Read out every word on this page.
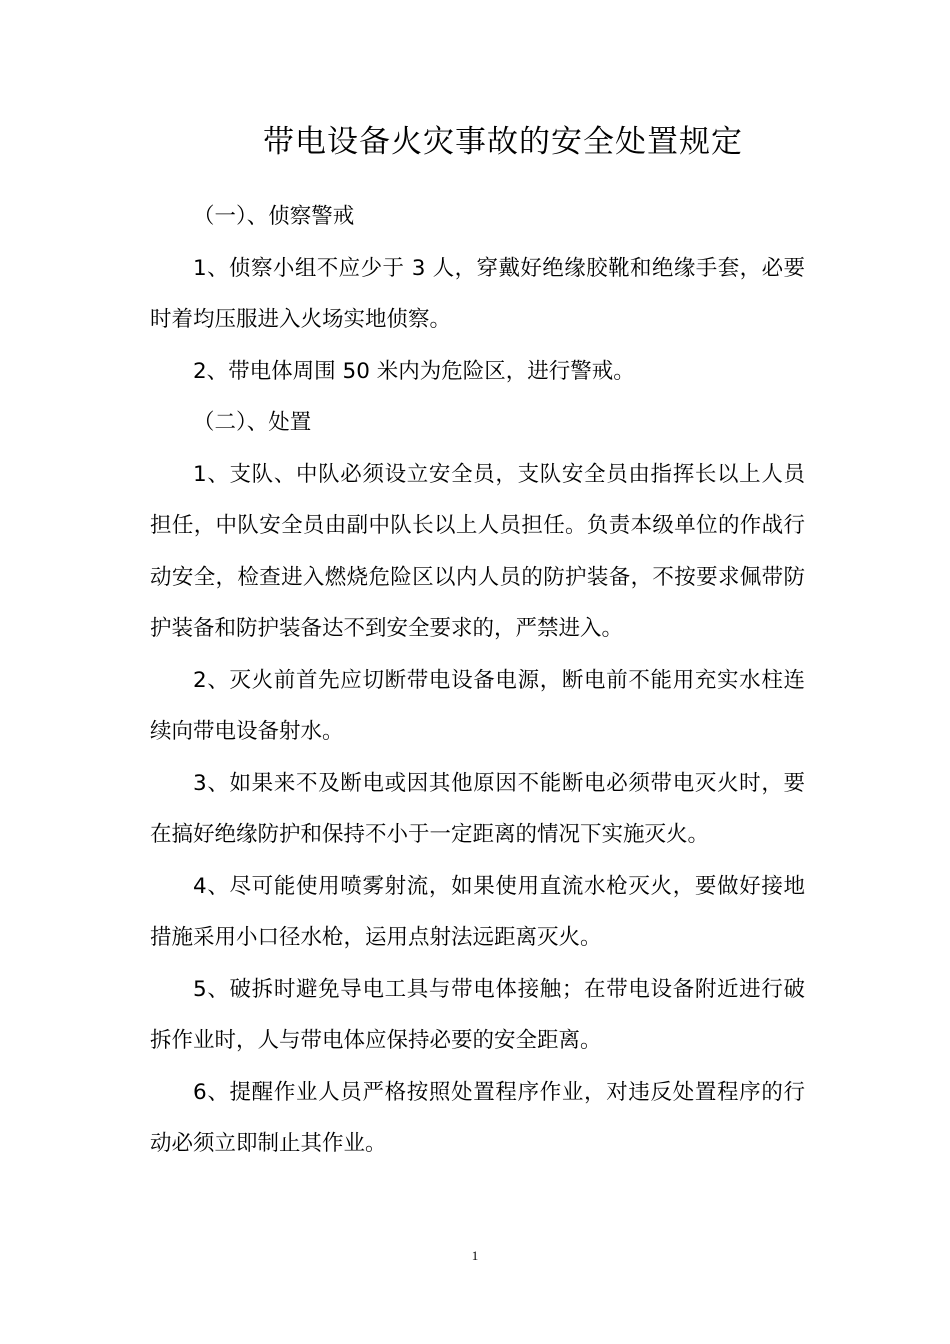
带电设备火灾事故的安全处置规定

（一）、侦察警戒

1、侦察小组不应少于 3 人，穿戴好绝缘胶靴和绝缘手套，必要时着均压服进入火场实地侦察。

2、带电体周围 50 米内为危险区，进行警戒。

（二）、处置

1、支队、中队必须设立安全员，支队安全员由指挥长以上人员担任，中队安全员由副中队长以上人员担任。负责本级单位的作战行动安全，检查进入燃烧危险区以内人员的防护装备，不按要求佩带防护装备和防护装备达不到安全要求的，严禁进入。

2、灭火前首先应切断带电设备电源，断电前不能用充实水柱连续向带电设备射水。

3、如果来不及断电或因其他原因不能断电必须带电灭火时，要在搞好绝缘防护和保持不小于一定距离的情况下实施灭火。

4、尽可能使用喷雾射流，如果使用直流水枪灭火，要做好接地措施采用小口径水枪，运用点射法远距离灭火。

5、破拆时避免导电工具与带电体接触；在带电设备附近进行破拆作业时，人与带电体应保持必要的安全距离。

6、提醒作业人员严格按照处置程序作业，对违反处置程序的行动必须立即制止其作业。

1
